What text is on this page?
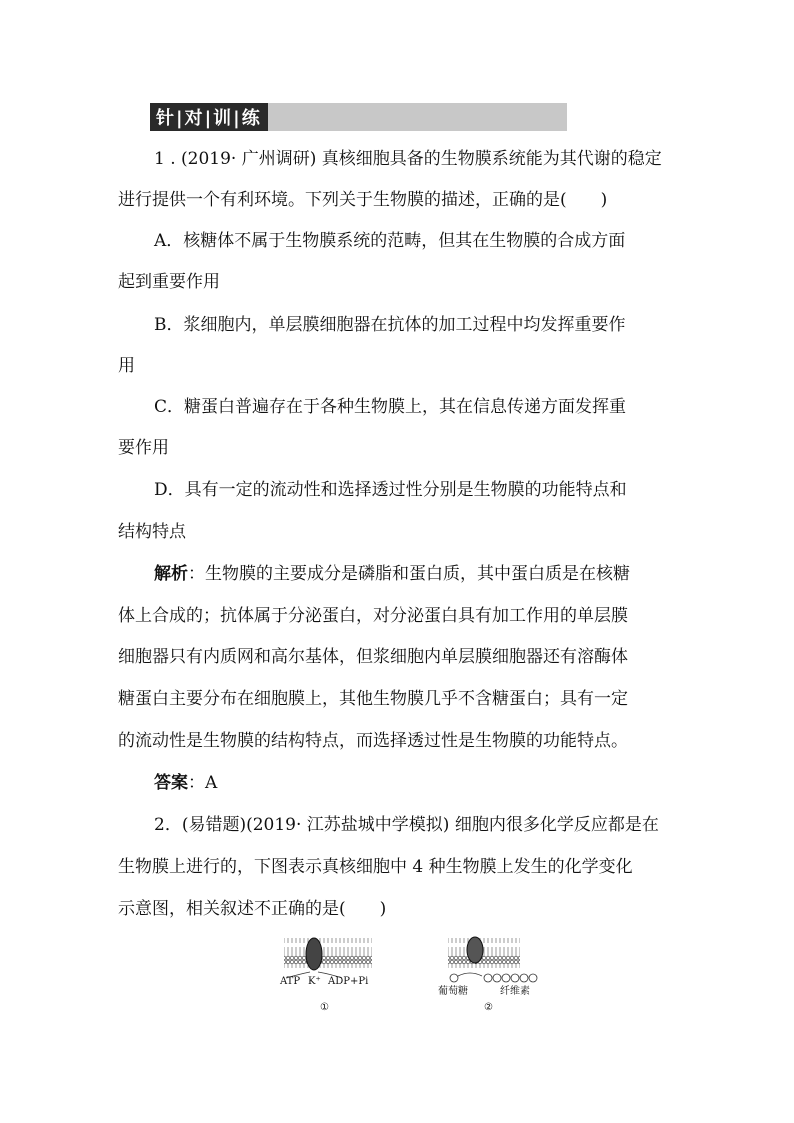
针|对|训|练
1 . (2019· 广州调研) 真核细胞具备的生物膜系统能为其代谢的稳定
进行提供一个有利环境。下列关于生物膜的描述，正确的是(　　)
A．核糖体不属于生物膜系统的范畴，但其在生物膜的合成方面
起到重要作用
B．浆细胞内，单层膜细胞器在抗体的加工过程中均发挥重要作
用
C．糖蛋白普遍存在于各种生物膜上，其在信息传递方面发挥重
要作用
D．具有一定的流动性和选择透过性分别是生物膜的功能特点和
结构特点
解析：生物膜的主要成分是磷脂和蛋白质，其中蛋白质是在核糖
体上合成的；抗体属于分泌蛋白，对分泌蛋白具有加工作用的单层膜
细胞器只有内质网和高尔基体，但浆细胞内单层膜细胞器还有溶酶体
糖蛋白主要分布在细胞膜上，其他生物膜几乎不含糖蛋白；具有一定
的流动性是生物膜的结构特点，而选择透过性是生物膜的功能特点。
答案：A
2．(易错题)(2019· 江苏盐城中学模拟) 细胞内很多化学反应都是在
生物膜上进行的，下图表示真核细胞中 4 种生物膜上发生的化学变化
示意图，相关叙述不正确的是(　　)
ATP K⁺ ADP+Pi
①
葡萄糖	纤维素
②
